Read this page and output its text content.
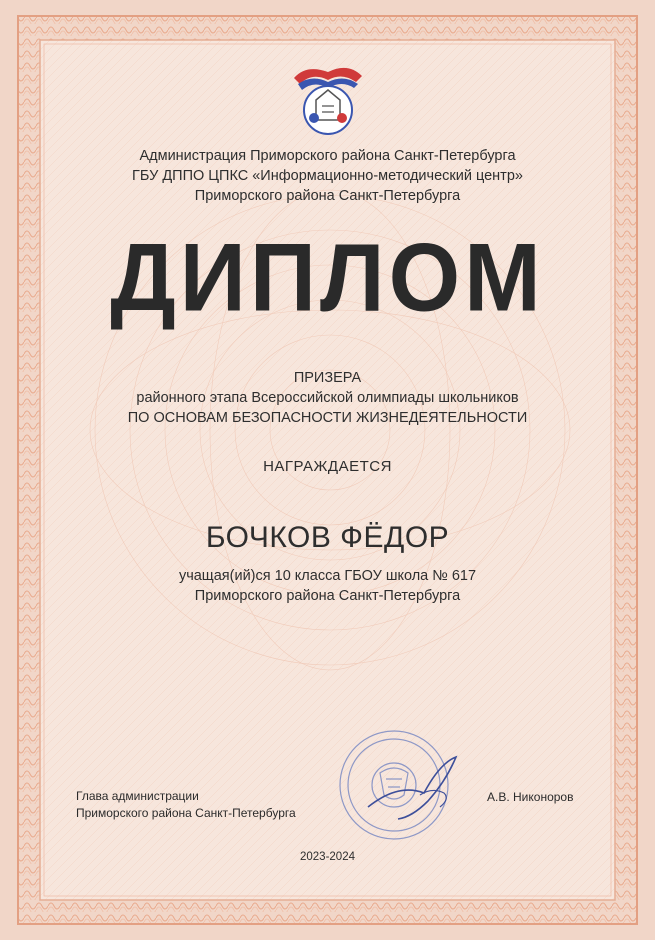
Администрация Приморского района Санкт-Петербурга
ГБУ ДППО ЦПКС «Информационно-методический центр»
Приморского района Санкт-Петербурга
ДИПЛОМ
ПРИЗЕРА
районного этапа Всероссийской олимпиады школьников
ПО ОСНОВАМ БЕЗОПАСНОСТИ ЖИЗНЕДЕЯТЕЛЬНОСТИ
НАГРАЖДАЕТСЯ
БОЧКОВ ФЁДОР
учащая(ий)ся 10 класса ГБОУ школа № 617
Приморского района Санкт-Петербурга
Глава администрации
Приморского района Санкт-Петербурга
А.В. Никоноров
2023-2024
